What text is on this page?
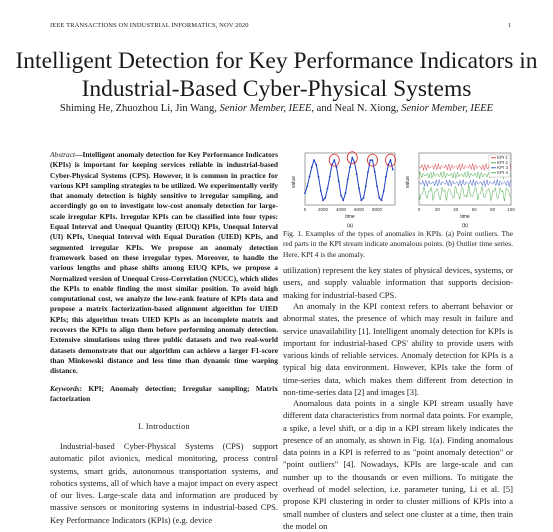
IEEE TRANSACTIONS ON INDUSTRIAL INFORMATICS, NOV 2020	1
Intelligent Detection for Key Performance Indicators in Industrial-Based Cyber-Physical Systems
Shiming He, Zhuozhou Li, Jin Wang, Senior Member, IEEE, and Neal N. Xiong, Senior Member, IEEE
Abstract—Intelligent anomaly detection for Key Performance Indicators (KPIs) is important for keeping services reliable in industrial-based Cyber-Physical Systems (CPS). However, it is common in practice for various KPI sampling strategies to be utilized. We experimentally verify that anomaly detection is highly sensitive to irregular sampling, and accordingly go on to investigate low-cost anomaly detection for large-scale irregular KPIs. Irregular KPIs can be classified into four types: Equal Interval and Unequal Quantity (EIUQ) KPIs, Unequal Interval (UI) KPIs, Unequal Interval with Equal Duration (UIED) KPIs, and segmented irregular KPIs. We propose an anomaly detection framework based on these irregular types. Moreover, to handle the various lengths and phase shifts among EIUQ KPIs, we propose a Normalized version of Unequal Cross-Correlation (NUCC), which slides the KPIs to enable finding the most similar position. To avoid high computational cost, we analyze the low-rank feature of KPIs data and propose a matrix factorization-based alignment algorithm for UIED KPIs; this algorithm treats UIED KPIs as an incomplete matrix and recovers the KPIs to align them before performing anomaly detection. Extensive simulations using three public datasets and two real-world datasets demonstrate that our algorithm can achieve a larger F1-score than Minkowski distance and less time than dynamic time warping distance.
Keywords: KPI; Anomaly detection; Irregular sampling; Matrix factorization
I. Introduction
Industrial-based Cyber-Physical Systems (CPS) support automatic pilot avionics, medical monitoring, process control systems, smart grids, autonomous transportation systems, and robotics systems, all of which have a major impact on every aspect of our lives. Large-scale data and information are produced by massive sensors or monitoring systems in industrial-based CPS. Key Performance Indicators (KPIs) (e.g. device
0	2000 4000 6000 8000
value
time
(a)
0	20	40	60	80	100
value
time
KPI 1
KPI 2
KPI 3
KPI 4
(b)
Fig. 1. Examples of the types of anomalies in KPIs. (a) Point outliers. The red parts in the KPI stream indicate anomalous points. (b) Outlier time series. Here, KPI 4 is the anomaly.
utilization) represent the key states of physical devices, systems, or users, and supply valuable information that supports decision-making for industrial-based CPS.
An anomaly in the KPI context refers to aberrant behavior or abnormal states, the presence of which may result in failure and service unavailability [1]. Intelligent anomaly detection for KPIs is important for industrial-based CPS' ability to provide users with various kinds of reliable services. Anomaly detection for KPIs is a typical big data environment. However, KPIs take the form of time-series data, which makes them different from detection in non-time-series data [2] and images [3].
Anomalous data points in a single KPI stream usually have different data characteristics from normal data points. For example, a spike, a level shift, or a dip in a KPI stream likely indicates the presence of an anomaly, as shown in Fig. 1(a). Finding anomalous data points in a KPI is referred to as "point anomaly detection" or "point outliers" [4]. Nowadays, KPIs are large-scale and can number up to the thousands or even millions. To mitigate the overhead of model selection, i.e. parameter tuning, Li et al. [5] propose KPI clustering in order to cluster millions of KPIs into a small number of clusters and select one cluster at a time, then train the model on
